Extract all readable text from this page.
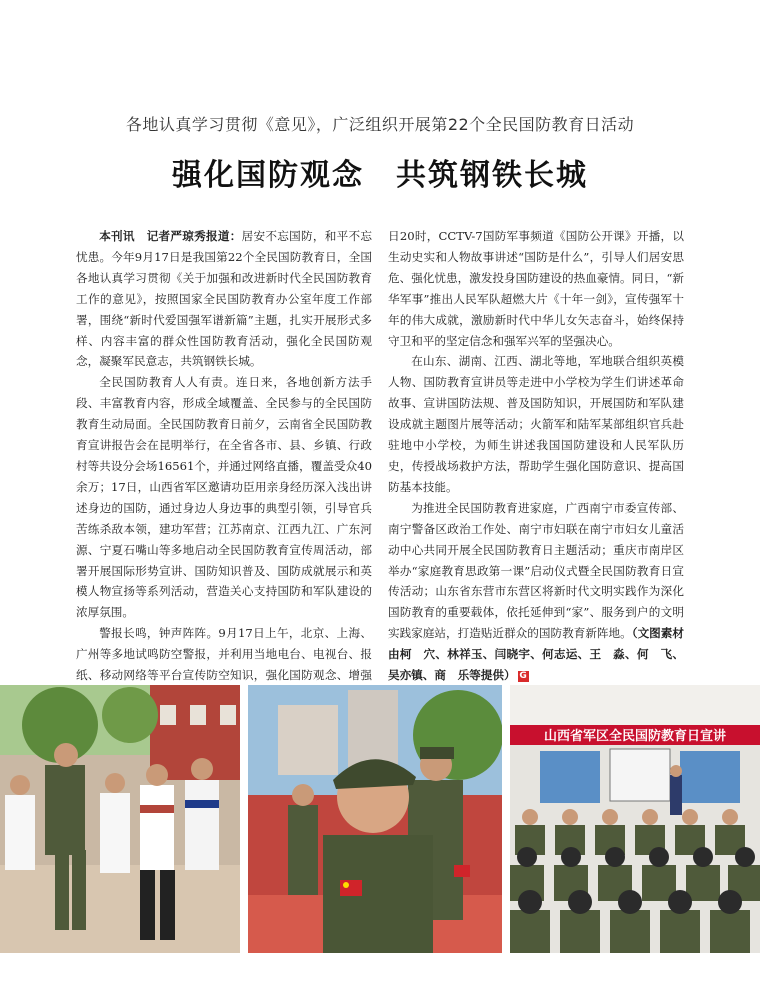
各地认真学习贯彻《意见》，广泛组织开展第22个全民国防教育日活动
强化国防观念　共筑钢铁长城

本刊讯　 记者严琼秀报道：居安不忘国防，和平不忘忧患。今年9月17日是我国第22个全民国防教育日，全国各地认真学习贯彻《关于加强和改进新时代全民国防教育工作的意见》，按照国家全民国防教育办公室年度工作部署，围绕“新时代爱国强军谱新篇”主题，扎实开展形式多样、内容丰富的群众性国防教育活动，强化全民国防观念，凝聚军民意志，共筑钢铁长城。

全民国防教育人人有责。连日来，各地创新方法手段、丰富教育内容，形成全域覆盖、全民参与的全民国防教育生动局面。全民国防教育日前夕，云南省全民国防教育宣讲报告会在昆明举行，在全省各市、县、乡镇、行政村等共设分会场16561个，并通过网络直播，覆盖受众40余万；17日，山西省军区邀请功臣用亲身经历深入浅出讲述身边的国防，通过身边人身边事的典型引领，引导官兵苦练杀敌本领，建功军营；江苏南京、江西九江、广东河源、宁夏石嘴山等多地启动全民国防教育宣传周活动，部署开展国际形势宣讲、国防知识普及、国防成就展示和英模人物宣扬等系列活动，营造关心支持国防和军队建设的浓厚氛围。

警报长鸣，钟声阵阵。9月17日上午，北京、上海、广州等多地试鸣防空警报，并利用当地电台、电视台、报纸、移动网络等平台宣传防空知识，强化国防观念、增强

日20时，CCTV-7国防军事频道《国防公开课》开播，以生动史实和人物故事讲述“国防是什么”，引导人们居安思危、强化忧患，激发投身国防建设的热血豪情。同日，“新华军事”推出人民军队超燃大片《十年一剑》，宣传强军十年的伟大成就，激励新时代中华儿女矢志奋斗，始终保持守卫和平的坚定信念和强军兴军的坚强决心。

在山东、湖南、江西、湖北等地，军地联合组织英模人物、国防教育宣讲员等走进中小学校为学生们讲述革命故事、宣讲国防法规、普及国防知识，开展国防和军队建设成就主题图片展等活动；火箭军和陆军某部组织官兵赴驻地中小学校，为师生讲述我国国防建设和人民军队历史，传授战场救护方法，帮助学生强化国防意识、提高国防基本技能。

为推进全民国防教育进家庭，广西南宁市委宣传部、南宁警备区政治工作处、南宁市妇联在南宁市妇女儿童活动中心共同开展全民国防教育日主题活动；重庆市南岸区举办“家庭教育思政第一课”启动仪式暨全民国防教育日宣传活动；山东省东营市东营区将新时代文明实践作为深化国防教育的重要载体，依托延伸到“家”、服务到户的文明实践家庭站，打造贴近群众的国防教育新阵地。（文图素材由柯　穴、林祥玉、闫晓宇、何志运、王　淼、何　飞、吴亦镇、商　乐等提供） G

山西省军区全民国防教育日宣讲
